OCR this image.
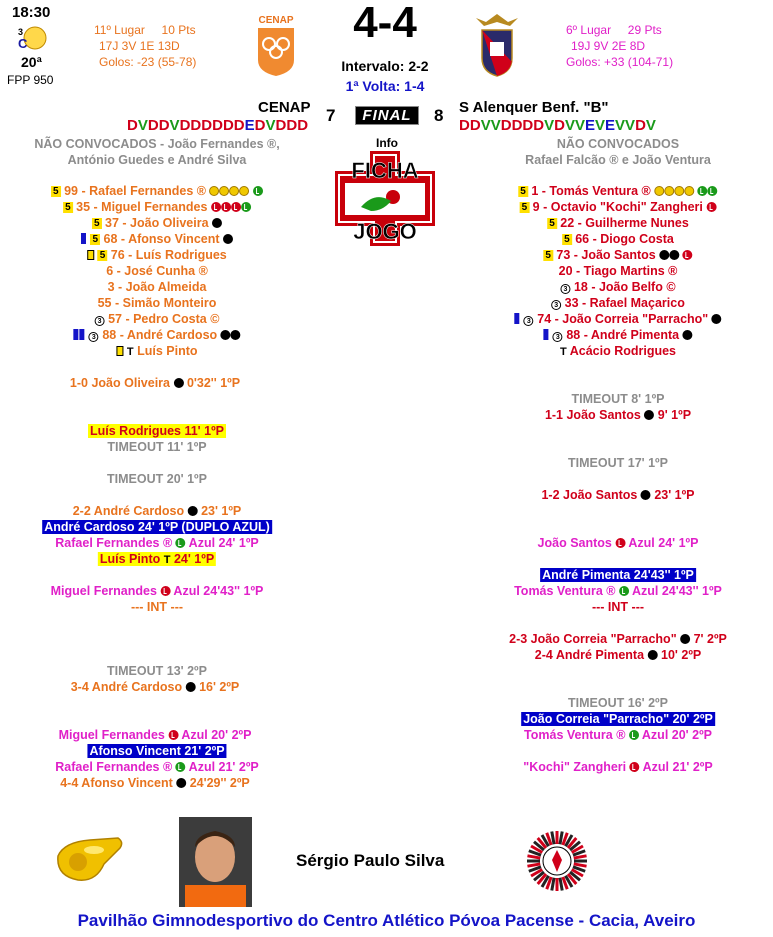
18:30
3
C
20ª
FPP 950
11º Lugar 10 Pts
17J 3V 1E 13D
Golos: -23 (55-78)
CENAP	4-4
Intervalo: 2-2
1ª Volta: 1-4
6º Lugar 29 Pts
19J 9V 2E 8D
Golos: +33 (104-71)
CENAP 7	FINAL	8 S Alenquer Benf. "B"
DVDDVDDDDDDEDVDDD	DDVVDDDDVDVVEVEVVDV
Info
FICHA
JOGO
NÃO CONVOCADOS - João Fernandes ®,
António Guedes e André Silva
NÃO CONVOCADOS
Rafael Falcão ® e João Ventura
5 99 - Rafael Fernandes ®
5 35 - Miguel Fernandes
5 37 - João Oliveira
5 68 - Afonso Vincent
5 76 - Luís Rodrigues
6 - José Cunha ®
3 - João Almeida
55 - Simão Monteiro
3 57 - Pedro Costa ©
3 88 - André Cardoso
T Luís Pinto
5 1 - Tomás Ventura ®
5 9 - Octavio "Kochi" Zangheri
5 22 - Guilherme Nunes
5 66 - Diogo Costa
5 73 - João Santos
20 - Tiago Martins ®
3 18 - João Belfo ©
3 33 - Rafael Maçarico
3 74 - João Correia "Parracho"
3 88 - André Pimenta
T Acácio Rodrigues
1-0 João Oliveira 0'32'' 1ºP
Luís Rodrigues 11' 1ºP
TIMEOUT 11' 1ºP
TIMEOUT 20' 1ºP
2-2 André Cardoso 23' 1ºP
André Cardoso 24' 1ºP (DUPLO AZUL)
Rafael Fernandes ® Azul 24' 1ºP
Luís Pinto T 24' 1ºP
Miguel Fernandes Azul 24'43'' 1ºP
--- INT ---
TIMEOUT 13' 2ºP
3-4 André Cardoso 16' 2ºP
Miguel Fernandes Azul 20' 2ºP
Afonso Vincent 21' 2ºP
Rafael Fernandes ® Azul 21' 2ºP
4-4 Afonso Vincent 24'29'' 2ºP
TIMEOUT 8' 1ºP
1-1 João Santos 9' 1ºP
TIMEOUT 17' 1ºP
1-2 João Santos 23' 1ºP
João Santos Azul 24' 1ºP
André Pimenta 24'43'' 1ºP
Tomás Ventura ® Azul 24'43'' 1ºP
--- INT ---
2-3 João Correia "Parracho" 7' 2ºP
2-4 André Pimenta 10' 2ºP
TIMEOUT 16' 2ºP
João Correia "Parracho" 20' 2ºP
Tomás Ventura ® Azul 20' 2ºP
"Kochi" Zangheri Azul 21' 2ºP
Sérgio Paulo Silva
Pavilhão Gimnodesportivo do Centro Atlético Póvoa Pacense - Cacia, Aveiro
